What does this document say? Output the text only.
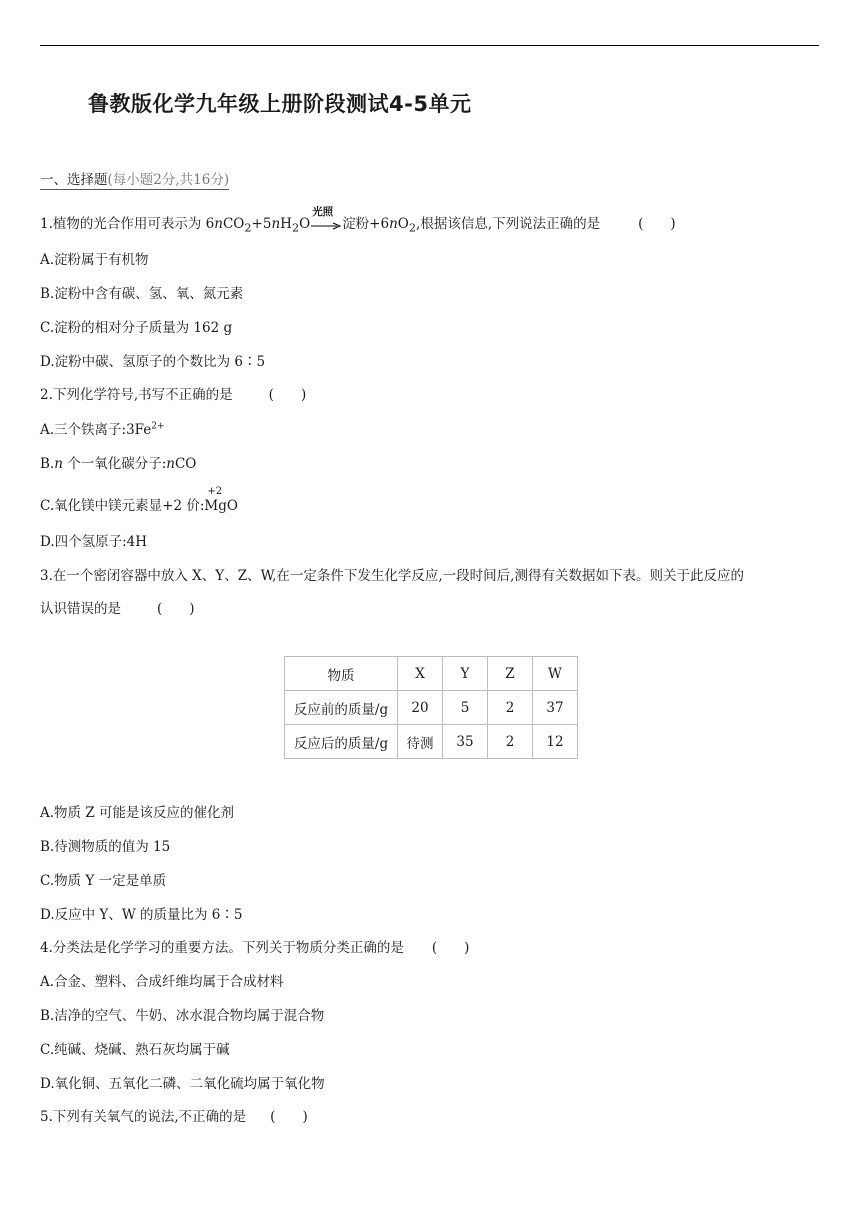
鲁教版化学九年级上册阶段测试4-5单元
一、选择题(每小题2分,共16分)
1.植物的光合作用可表示为 $6nCO_2+5nH_2O$
光照
淀粉$+6nO_2$,根据该信息,下列说法正确的是	(　　)
A.淀粉属于有机物
B.淀粉中含有碳、氢、氧、氮元素
C.淀粉的相对分子质量为 162 g
D.淀粉中碳、氢原子的个数比为 6∶5
2.下列化学符号,书写不正确的是	(　　)
A.三个铁离子$:3Fe^{2+}$
B.n 个一氧化碳分子:nCO
C.氧化镁中镁元素显+2 价:
+2
MgO
D.四个氢原子:4H
3.在一个密闭容器中放入 X、Y、Z、W,在一定条件下发生化学反应,一段时间后,测得有关数据如下表。则关于此反应的
认识错误的是	(　　)
物质	X	Y	Z	W
反应前的质量/g	20	5	2	37
反应后的质量/g	待测	35	2	12
A.物质 Z 可能是该反应的催化剂
B.待测物质的值为 15
C.物质 Y 一定是单质
D.反应中 Y、W 的质量比为 6∶5
4.分类法是化学学习的重要方法。下列关于物质分类正确的是 (　　)
A.合金、塑料、合成纤维均属于合成材料
B.洁净的空气、牛奶、冰水混合物均属于混合物
C.纯碱、烧碱、熟石灰均属于碱
D.氧化铜、五氧化二磷、二氧化硫均属于氧化物
5.下列有关氧气的说法,不正确的是 (　　)
